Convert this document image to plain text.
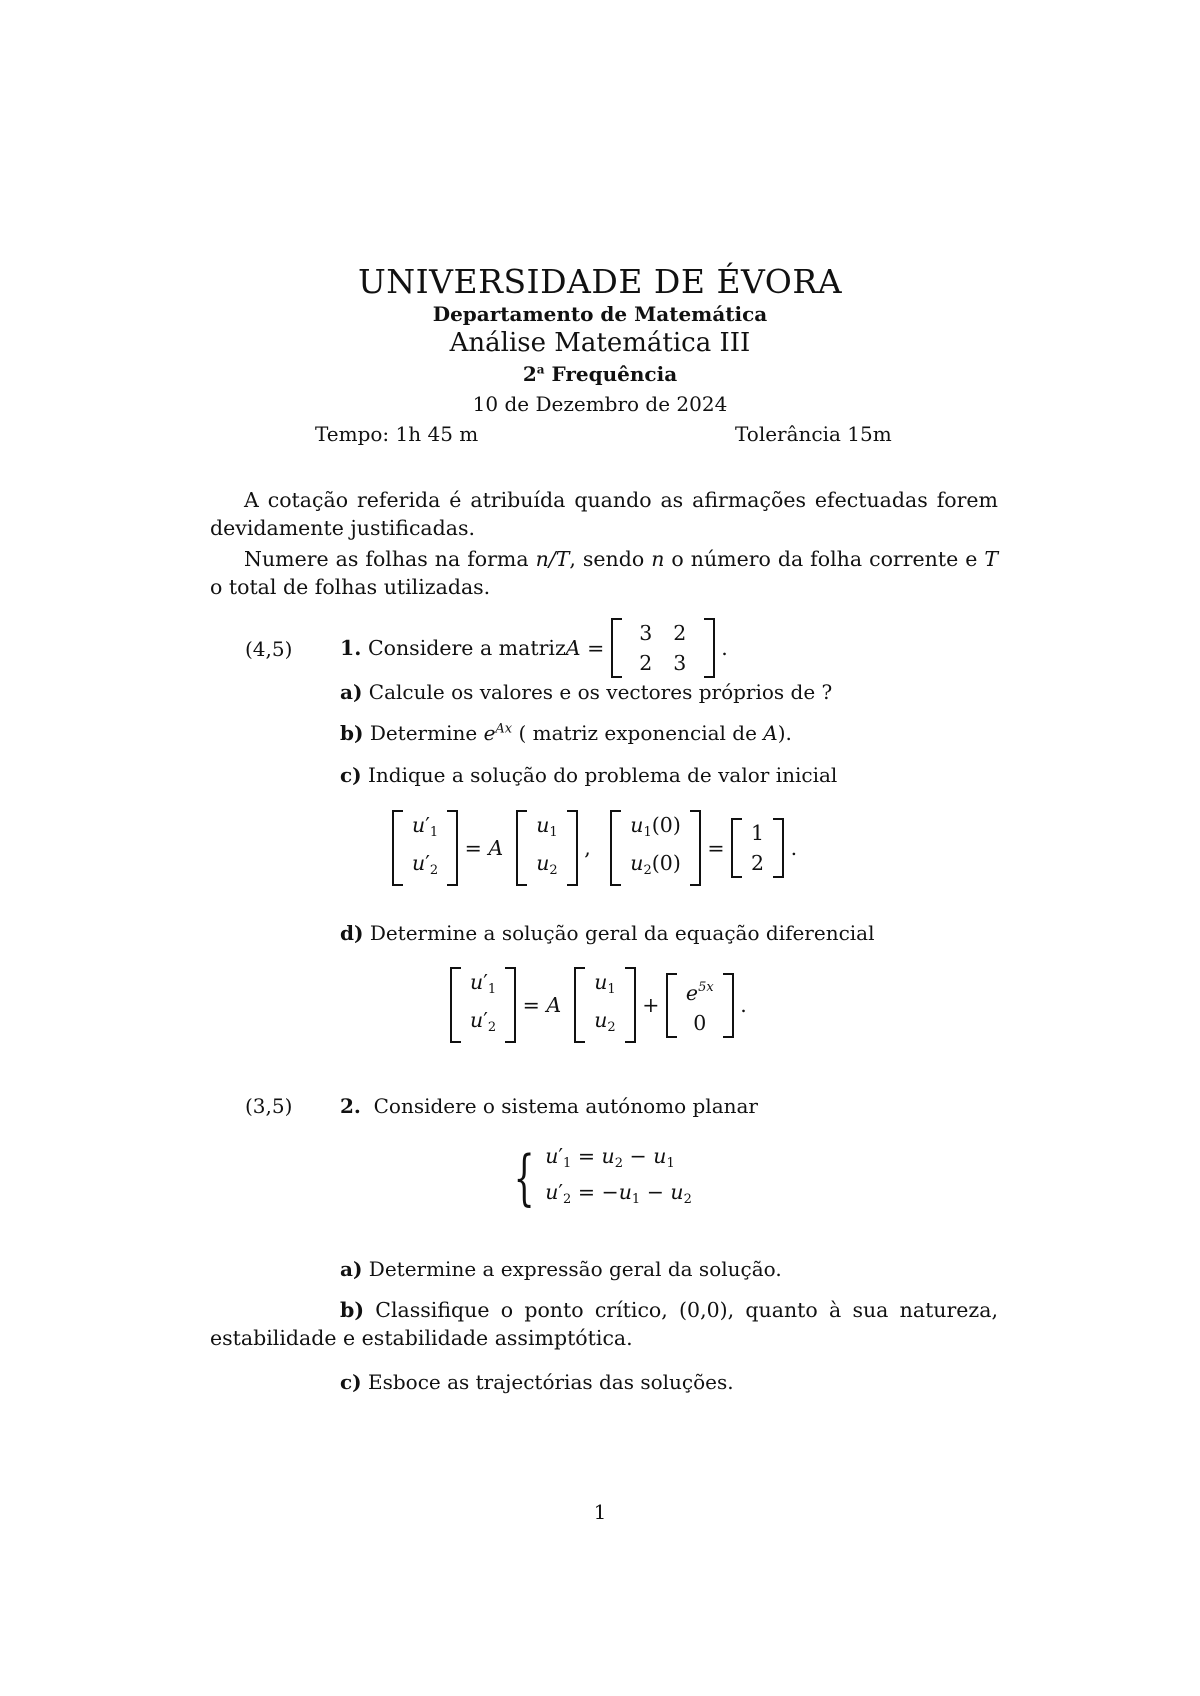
UNIVERSIDADE DE ÉVORA
Departamento de Matemática
Análise Matemática III
2$^a$ Frequência
10 de Dezembro de 2024
Tempo: 1h 45 m	Tolerância 15m
A cotação referida é atribuída quando as afirmações efectuadas forem devidamente justificadas.
Numere as folhas na forma n/T, sendo n o número da folha corrente e T o total de folhas utilizadas.
(4,5) 1.
Considere a matriz A =
3 2
2 3
.
a) Calcule os valores e os vectores próprios de ?
b) Determine $e^{Ax}$ ( matriz exponencial de A).
c) Indique a solução do problema de valor inicial
$u'_1$
$u'_2$
= A

$u_1$
$u_2$
,
$u_1(0)$
$u_2(0)$
=
1
2
.
d) Determine a solução geral da equação diferencial
$u'_1$
$u'_2$
= A

$u_1$
$u_2$
+
$e^{5x}$
0
.
(3,5) 2. Considere o sistema autónomo planar
{ $u'_1 = u_2 - u_1$
$u'_2 = -u_1 - u_2$
a) Determine a expressão geral da solução.
b) Classifique o ponto crítico, (0,0), quanto à sua natureza, estabilidade e estabilidade assimptótica.
c) Esboce as trajectórias das soluções.
1
